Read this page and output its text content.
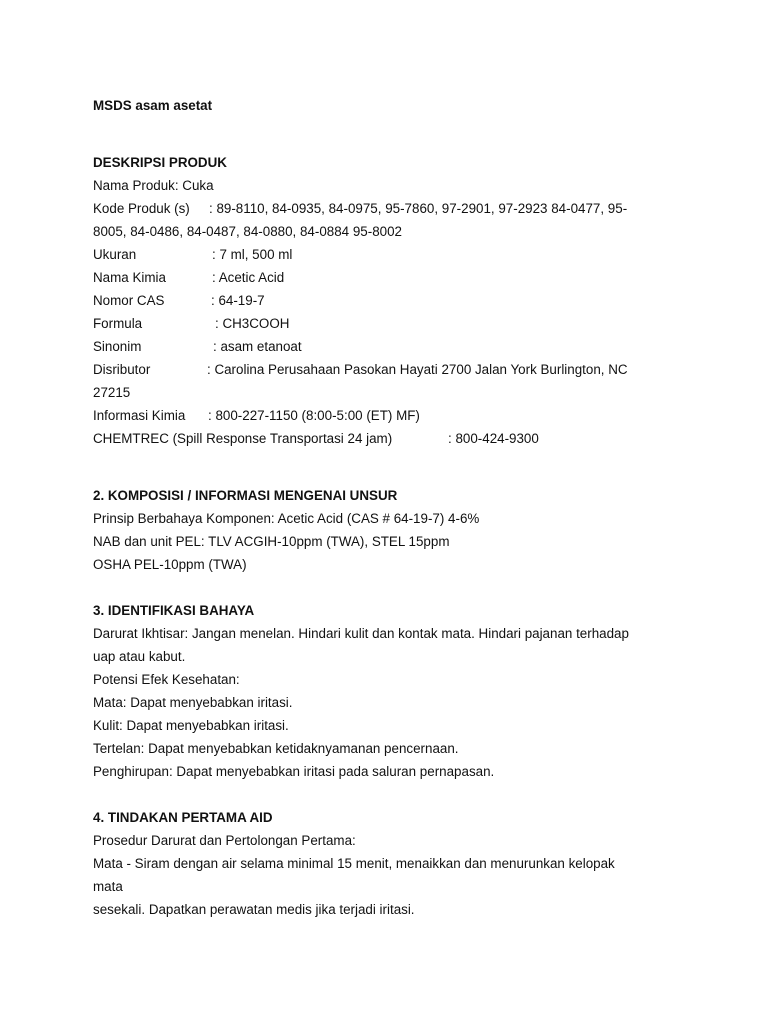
MSDS asam asetat
DESKRIPSI PRODUK
Nama Produk: Cuka
Kode Produk (s) : 89-8110, 84-0935, 84-0975, 95-7860, 97-2901, 97-2923 84-0477, 95-
8005, 84-0486, 84-0487, 84-0880, 84-0884 95-8002
Ukuran	: 7 ml, 500 ml
Nama Kimia	: Acetic Acid
Nomor CAS	: 64-19-7
Formula	: CH3COOH
Sinonim	: asam etanoat
Disributor	: Carolina Perusahaan Pasokan Hayati 2700 Jalan York Burlington, NC
27215
Informasi Kimia : 800-227-1150 (8:00-5:00 (ET) MF)
CHEMTREC (Spill Response Transportasi 24 jam)	: 800-424-9300
2. KOMPOSISI / INFORMASI MENGENAI UNSUR
Prinsip Berbahaya Komponen: Acetic Acid (CAS # 64-19-7) 4-6%
NAB dan unit PEL: TLV ACGIH-10ppm (TWA), STEL 15ppm
OSHA PEL-10ppm (TWA)
3. IDENTIFIKASI BAHAYA
Darurat Ikhtisar: Jangan menelan. Hindari kulit dan kontak mata. Hindari pajanan terhadap
uap atau kabut.
Potensi Efek Kesehatan:
Mata: Dapat menyebabkan iritasi.
Kulit: Dapat menyebabkan iritasi.
Tertelan: Dapat menyebabkan ketidaknyamanan pencernaan.
Penghirupan: Dapat menyebabkan iritasi pada saluran pernapasan.
4. TINDAKAN PERTAMA AID
Prosedur Darurat dan Pertolongan Pertama:
Mata - Siram dengan air selama minimal 15 menit, menaikkan dan menurunkan kelopak
mata
sesekali. Dapatkan perawatan medis jika terjadi iritasi.
